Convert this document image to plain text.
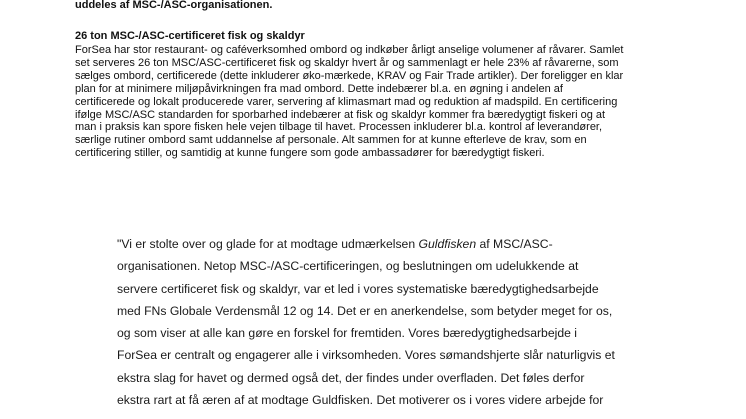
uddeles af MSC-/ASC-organisationen.
26 ton MSC-/ASC-certificeret fisk og skaldyr
ForSea har stor restaurant- og caféverksomhed ombord og indkøber årligt anselige volumener af råvarer. Samlet
set serveres 26 ton MSC/ASC-certificeret fisk og skaldyr hvert år og sammenlagt er hele 23% af råvarerne, som
sælges ombord, certificerede (dette inkluderer øko-mærkede, KRAV og Fair Trade artikler). Der foreligger en klar
plan for at minimere miljøpåvirkningen fra mad ombord. Dette indebærer bl.a. en øgning i andelen af
certificerede og lokalt producerede varer, servering af klimasmart mad og reduktion af madspild. En certificering
ifølge MSC/ASC standarden for sporbarhed indebærer at fisk og skaldyr kommer fra bæredygtigt fiskeri og at
man i praksis kan spore fisken hele vejen tilbage til havet. Processen inkluderer bl.a. kontrol af leverandører,
særlige rutiner ombord samt uddannelse af personale. Alt sammen for at kunne efterleve de krav, som en
certificering stiller, og samtidig at kunne fungere som gode ambassadører for bæredygtigt fiskeri.
"Vi er stolte over og glade for at modtage udmærkelsen Guldfisken af MSC/ASC-
organisationen. Netop MSC-/ASC-certificeringen, og beslutningen om udelukkende at
servere certificeret fisk og skaldyr, var et led i vores systematiske bæredygtighedsarbejde
med FNs Globale Verdensmål 12 og 14. Det er en anerkendelse, som betyder meget for os,
og som viser at alle kan gøre en forskel for fremtiden. Vores bæredygtighedsarbejde i
ForSea er centralt og engagerer alle i virksomheden. Vores sømandshjerte slår naturligvis et
ekstra slag for havet og dermed også det, der findes under overfladen. Det føles derfor
ekstra rart at få æren af at modtage Guldfisken. Det motiverer os i vores videre arbejde for
